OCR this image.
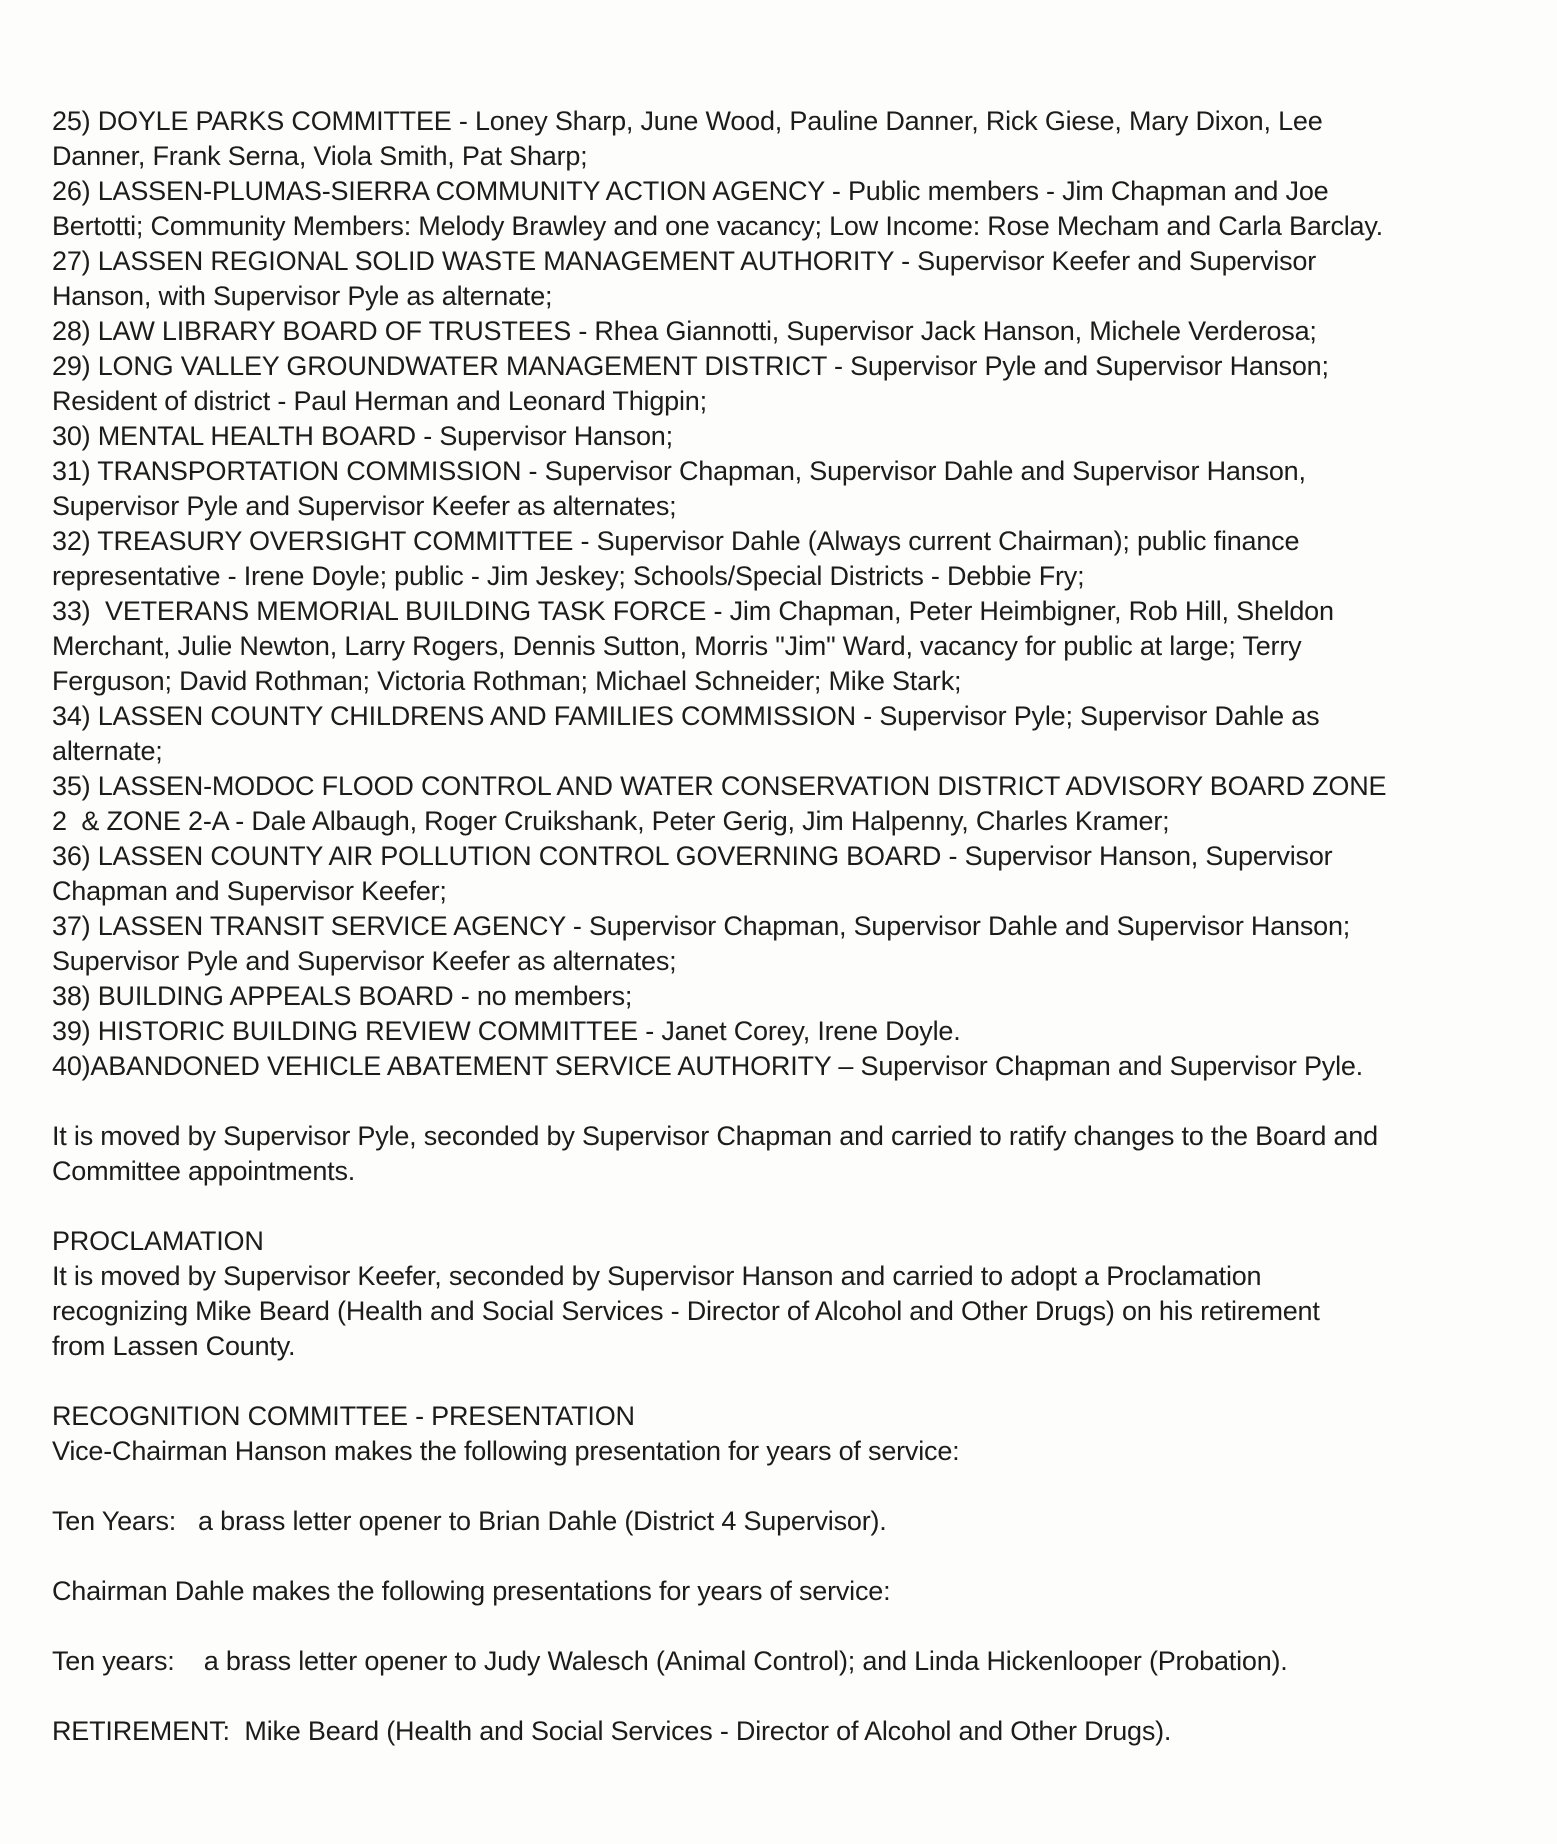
25) DOYLE PARKS COMMITTEE - Loney Sharp, June Wood, Pauline Danner, Rick Giese, Mary Dixon, Lee
Danner, Frank Serna, Viola Smith, Pat Sharp;

26) LASSEN-PLUMAS-SIERRA COMMUNITY ACTION AGENCY - Public members - Jim Chapman and Joe
Bertotti; Community Members: Melody Brawley and one vacancy; Low Income: Rose Mecham and Carla Barclay.

27) LASSEN REGIONAL SOLID WASTE MANAGEMENT AUTHORITY - Supervisor Keefer and Supervisor
Hanson, with Supervisor Pyle as alternate;

28) LAW LIBRARY BOARD OF TRUSTEES - Rhea Giannotti, Supervisor Jack Hanson, Michele Verderosa;

29) LONG VALLEY GROUNDWATER MANAGEMENT DISTRICT - Supervisor Pyle and Supervisor Hanson;
Resident of district - Paul Herman and Leonard Thigpin;

30) MENTAL HEALTH BOARD - Supervisor Hanson;

31) TRANSPORTATION COMMISSION - Supervisor Chapman, Supervisor Dahle and Supervisor Hanson,
Supervisor Pyle and Supervisor Keefer as alternates;

32) TREASURY OVERSIGHT COMMITTEE - Supervisor Dahle (Always current Chairman); public finance
representative - Irene Doyle; public - Jim Jeskey; Schools/Special Districts - Debbie Fry;

33)  VETERANS MEMORIAL BUILDING TASK FORCE - Jim Chapman, Peter Heimbigner, Rob Hill, Sheldon
Merchant, Julie Newton, Larry Rogers, Dennis Sutton, Morris "Jim" Ward, vacancy for public at large; Terry
Ferguson; David Rothman; Victoria Rothman; Michael Schneider; Mike Stark;

34) LASSEN COUNTY CHILDRENS AND FAMILIES COMMISSION - Supervisor Pyle; Supervisor Dahle as
alternate;

35) LASSEN-MODOC FLOOD CONTROL AND WATER CONSERVATION DISTRICT ADVISORY BOARD ZONE
2  & ZONE 2-A - Dale Albaugh, Roger Cruikshank, Peter Gerig, Jim Halpenny, Charles Kramer;

36) LASSEN COUNTY AIR POLLUTION CONTROL GOVERNING BOARD - Supervisor Hanson, Supervisor
Chapman and Supervisor Keefer;

37) LASSEN TRANSIT SERVICE AGENCY - Supervisor Chapman, Supervisor Dahle and Supervisor Hanson;
Supervisor Pyle and Supervisor Keefer as alternates;

38) BUILDING APPEALS BOARD - no members;

39) HISTORIC BUILDING REVIEW COMMITTEE - Janet Corey, Irene Doyle.

40)ABANDONED VEHICLE ABATEMENT SERVICE AUTHORITY – Supervisor Chapman and Supervisor Pyle.

It is moved by Supervisor Pyle, seconded by Supervisor Chapman and carried to ratify changes to the Board and
Committee appointments.

PROCLAMATION

It is moved by Supervisor Keefer, seconded by Supervisor Hanson and carried to adopt a Proclamation
recognizing Mike Beard (Health and Social Services - Director of Alcohol and Other Drugs) on his retirement
from Lassen County.

RECOGNITION COMMITTEE - PRESENTATION

Vice-Chairman Hanson makes the following presentation for years of service:

Ten Years:   a brass letter opener to Brian Dahle (District 4 Supervisor).

Chairman Dahle makes the following presentations for years of service:

Ten years:    a brass letter opener to Judy Walesch (Animal Control); and Linda Hickenlooper (Probation).

RETIREMENT:  Mike Beard (Health and Social Services - Director of Alcohol and Other Drugs).
